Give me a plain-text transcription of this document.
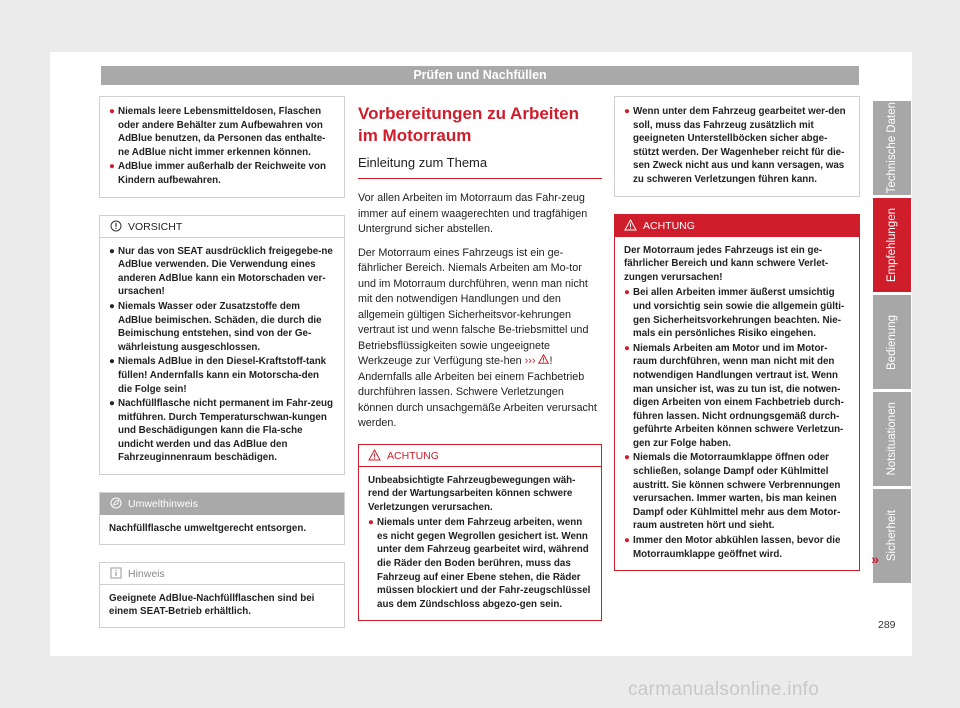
Prüfen und Nachfüllen
Technische Daten
Empfehlungen
Bedienung
Notsituationen
Sicherheit
● Niemals leere Lebensmitteldosen, Flaschen oder andere Behälter zum Aufbewahren von AdBlue benutzen, da Personen das enthalte-ne AdBlue nicht immer erkennen können.
● AdBlue immer außerhalb der Reichweite von Kindern aufbewahren.
VORSICHT
● Nur das von SEAT ausdrücklich freigegebe-ne AdBlue verwenden. Die Verwendung eines anderen AdBlue kann ein Motorschaden ver-ursachen!
● Niemals Wasser oder Zusatzstoffe dem AdBlue beimischen. Schäden, die durch die Beimischung entstehen, sind von der Ge-währleistung ausgeschlossen.
● Niemals AdBlue in den Diesel-Kraftstoff-tank füllen! Andernfalls kann ein Motorscha-den die Folge sein!
● Nachfüllflasche nicht permanent im Fahr-zeug mitführen. Durch Temperaturschwan-kungen und Beschädigungen kann die Fla-sche undicht werden und das AdBlue den Fahrzeuginnenraum beschädigen.
Umwelthinweis
Nachfüllflasche umweltgerecht entsorgen.
Hinweis
Geeignete AdBlue-Nachfüllflaschen sind bei einem SEAT-Betrieb erhältlich.
Vorbereitungen zu Arbeiten im Motorraum
Einleitung zum Thema

Vor allen Arbeiten im Motorraum das Fahr-zeug immer auf einem waagerechten und tragfähigen Untergrund sicher abstellen.

Der Motorraum eines Fahrzeugs ist ein ge-fährlicher Bereich. Niemals Arbeiten am Mo-tor und im Motorraum durchführen, wenn man nicht mit den notwendigen Handlungen und den allgemein gültigen Sicherheitsvor-kehrungen vertraut ist und wenn falsche Be-triebsmittel und Betriebsflüssigkeiten sowie ungeeignete Werkzeuge zur Verfügung ste-hen ››› ! Andernfalls alle Arbeiten bei einem Fachbetrieb durchführen lassen. Schwere Verletzungen können durch unsachgemäße Arbeiten verursacht werden.

ACHTUNG
Unbeabsichtigte Fahrzeugbewegungen wäh-rend der Wartungsarbeiten können schwere Verletzungen verursachen.
● Niemals unter dem Fahrzeug arbeiten, wenn es nicht gegen Wegrollen gesichert ist. Wenn unter dem Fahrzeug gearbeitet wird, während die Räder den Boden berühren, muss das Fahrzeug auf einer Ebene stehen, die Räder müssen blockiert und der Fahr-zeugschlüssel aus dem Zündschloss abgezo-gen sein.
● Wenn unter dem Fahrzeug gearbeitet wer-den soll, muss das Fahrzeug zusätzlich mit geeigneten Unterstellböcken sicher abge-stützt werden. Der Wagenheber reicht für die-sen Zweck nicht aus und kann versagen, was zu schweren Verletzungen führen kann.
ACHTUNG
Der Motorraum jedes Fahrzeugs ist ein ge-fährlicher Bereich und kann schwere Verlet-zungen verursachen!
● Bei allen Arbeiten immer äußerst umsichtig und vorsichtig sein sowie die allgemein gülti-gen Sicherheitsvorkehrungen beachten. Nie-mals ein persönliches Risiko eingehen.
● Niemals Arbeiten am Motor und im Motor-raum durchführen, wenn man nicht mit den notwendigen Handlungen vertraut ist. Wenn man unsicher ist, was zu tun ist, die notwen-digen Arbeiten von einem Fachbetrieb durch-führen lassen. Nicht ordnungsgemäß durch-geführte Arbeiten können schwere Verletzun-gen zur Folge haben.
● Niemals die Motorraumklappe öffnen oder schließen, solange Dampf oder Kühlmittel austritt. Sie können schwere Verbrennungen verursachen. Immer warten, bis man keinen Dampf oder Kühlmittel mehr aus dem Motor-raum austreten hört und sieht.
● Immer den Motor abkühlen lassen, bevor die Motorraumklappe geöffnet wird.	»
289
carmanualsonline.info
